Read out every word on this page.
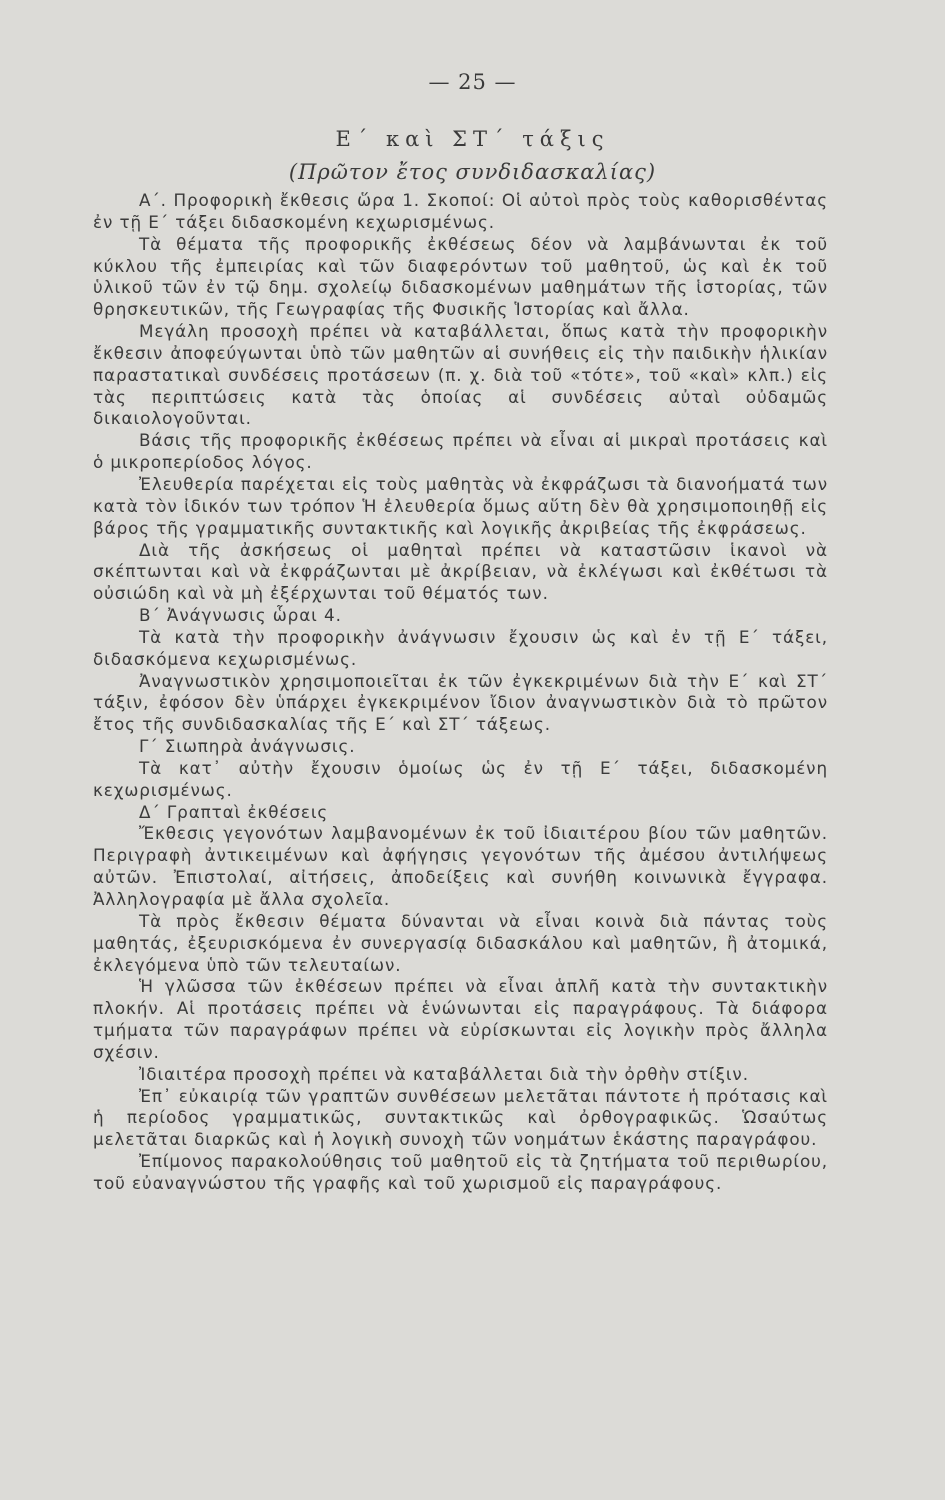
— 25 —
Ε΄ καὶ ΣΤ΄ τάξις
(Πρῶτον ἔτος συνδιδασκαλίας)

Α΄. Προφορικὴ ἔκθεσις ὥρα 1. Σκοποί: Οἱ αὐτοὶ πρὸς τοὺς καθορισθέντας ἐν τῇ Ε΄ τάξει διδασκομένη κεχωρισμένως.

Τὰ θέματα τῆς προφορικῆς ἐκθέσεως δέον νὰ λαμβάνωνται ἐκ τοῦ κύκλου τῆς ἐμπειρίας καὶ τῶν διαφερόντων τοῦ μαθητοῦ, ὡς καὶ ἐκ τοῦ ὑλικοῦ τῶν ἐν τῷ δημ. σχολείῳ διδασκομένων μαθημάτων τῆς ἱστορίας, τῶν θρησκευτικῶν, τῆς Γεωγραφίας τῆς Φυσικῆς Ἱστορίας καὶ ἄλλα.

Μεγάλη προσοχὴ πρέπει νὰ καταβάλλεται, ὅπως κατὰ τὴν προφορικὴν ἔκθεσιν ἀποφεύγωνται ὑπὸ τῶν μαθητῶν αἱ συνήθεις εἰς τὴν παιδικὴν ἡλικίαν παραστατικαὶ συνδέσεις προτάσεων (π. χ. διὰ τοῦ «τότε», τοῦ «καὶ» κλπ.) εἰς τὰς περιπτώσεις κατὰ τὰς ὁποίας αἱ συνδέσεις αὐταὶ οὐδαμῶς δικαιολογοῦνται.

Βάσις τῆς προφορικῆς ἐκθέσεως πρέπει νὰ εἶναι αἱ μικραὶ προτάσεις καὶ ὁ μικροπερίοδος λόγος.

Ἐλευθερία παρέχεται εἰς τοὺς μαθητὰς νὰ ἐκφράζωσι τὰ διανοήματά των κατὰ τὸν ἰδικόν των τρόπον Ἡ ἐλευθερία ὅμως αὕτη δὲν θὰ χρησιμοποιηθῇ εἰς βάρος τῆς γραμματικῆς συντακτικῆς καὶ λογικῆς ἀκριβείας τῆς ἐκφράσεως.

Διὰ τῆς ἀσκήσεως οἱ μαθηταὶ πρέπει νὰ καταστῶσιν ἱκανοὶ νὰ σκέπτωνται καὶ νὰ ἐκφράζωνται μὲ ἀκρίβειαν, νὰ ἐκλέγωσι καὶ ἐκθέτωσι τὰ οὐσιώδη καὶ νὰ μὴ ἐξέρχωνται τοῦ θέματός των.

Β΄ Ἀνάγνωσις ὧραι 4.

Τὰ κατὰ τὴν προφορικὴν ἀνάγνωσιν ἔχουσιν ὡς καὶ ἐν τῇ Ε΄ τάξει, διδασκόμενα κεχωρισμένως.

Ἀναγνωστικὸν χρησιμοποιεῖται ἐκ τῶν ἐγκεκριμένων διὰ τὴν Ε΄ καὶ ΣΤ΄ τάξιν, ἐφόσον δὲν ὑπάρχει ἐγκεκριμένον ἴδιον ἀναγνωστικὸν διὰ τὸ πρῶτον ἔτος τῆς συνδιδασκαλίας τῆς Ε΄ καὶ ΣΤ΄ τάξεως.

Γ΄ Σιωπηρὰ ἀνάγνωσις.

Τὰ κατ᾽ αὐτὴν ἔχουσιν ὁμοίως ὡς ἐν τῇ Ε΄ τάξει, διδασκομένη κεχωρισμένως.

Δ΄ Γραπταὶ ἐκθέσεις

Ἔκθεσις γεγονότων λαμβανομένων ἐκ τοῦ ἰδιαιτέρου βίου τῶν μαθητῶν. Περιγραφὴ ἀντικειμένων καὶ ἀφήγησις γεγονότων τῆς ἀμέσου ἀντιλήψεως αὐτῶν. Ἐπιστολαί, αἰτήσεις, ἀποδείξεις καὶ συνήθη κοινωνικὰ ἔγγραφα. Ἀλληλογραφία μὲ ἄλλα σχολεῖα.

Τὰ πρὸς ἔκθεσιν θέματα δύνανται νὰ εἶναι κοινὰ διὰ πάντας τοὺς μαθητάς, ἐξευρισκόμενα ἐν συνεργασίᾳ διδασκάλου καὶ μαθητῶν, ἢ ἀτομικά, ἐκλεγόμενα ὑπὸ τῶν τελευταίων.

Ἡ γλῶσσα τῶν ἐκθέσεων πρέπει νὰ εἶναι ἁπλῆ κατὰ τὴν συντακτικὴν πλοκήν. Αἱ προτάσεις πρέπει νὰ ἑνώνωνται εἰς παραγράφους. Τὰ διάφορα τμήματα τῶν παραγράφων πρέπει νὰ εὑρίσκωνται εἰς λογικὴν πρὸς ἄλληλα σχέσιν.

Ἰδιαιτέρα προσοχὴ πρέπει νὰ καταβάλλεται διὰ τὴν ὀρθὴν στίξιν.

Ἐπ᾽ εὐκαιρίᾳ τῶν γραπτῶν συνθέσεων μελετᾶται πάντοτε ἡ πρότασις καὶ ἡ περίοδος γραμματικῶς, συντακτικῶς καὶ ὀρθογραφικῶς. Ὡσαύτως μελετᾶται διαρκῶς καὶ ἡ λογικὴ συνοχὴ τῶν νοημάτων ἑκάστης παραγράφου.

Ἐπίμονος παρακολούθησις τοῦ μαθητοῦ εἰς τὰ ζητήματα τοῦ περιθωρίου, τοῦ εὐαναγνώστου τῆς γραφῆς καὶ τοῦ χωρισμοῦ εἰς παραγράφους.
